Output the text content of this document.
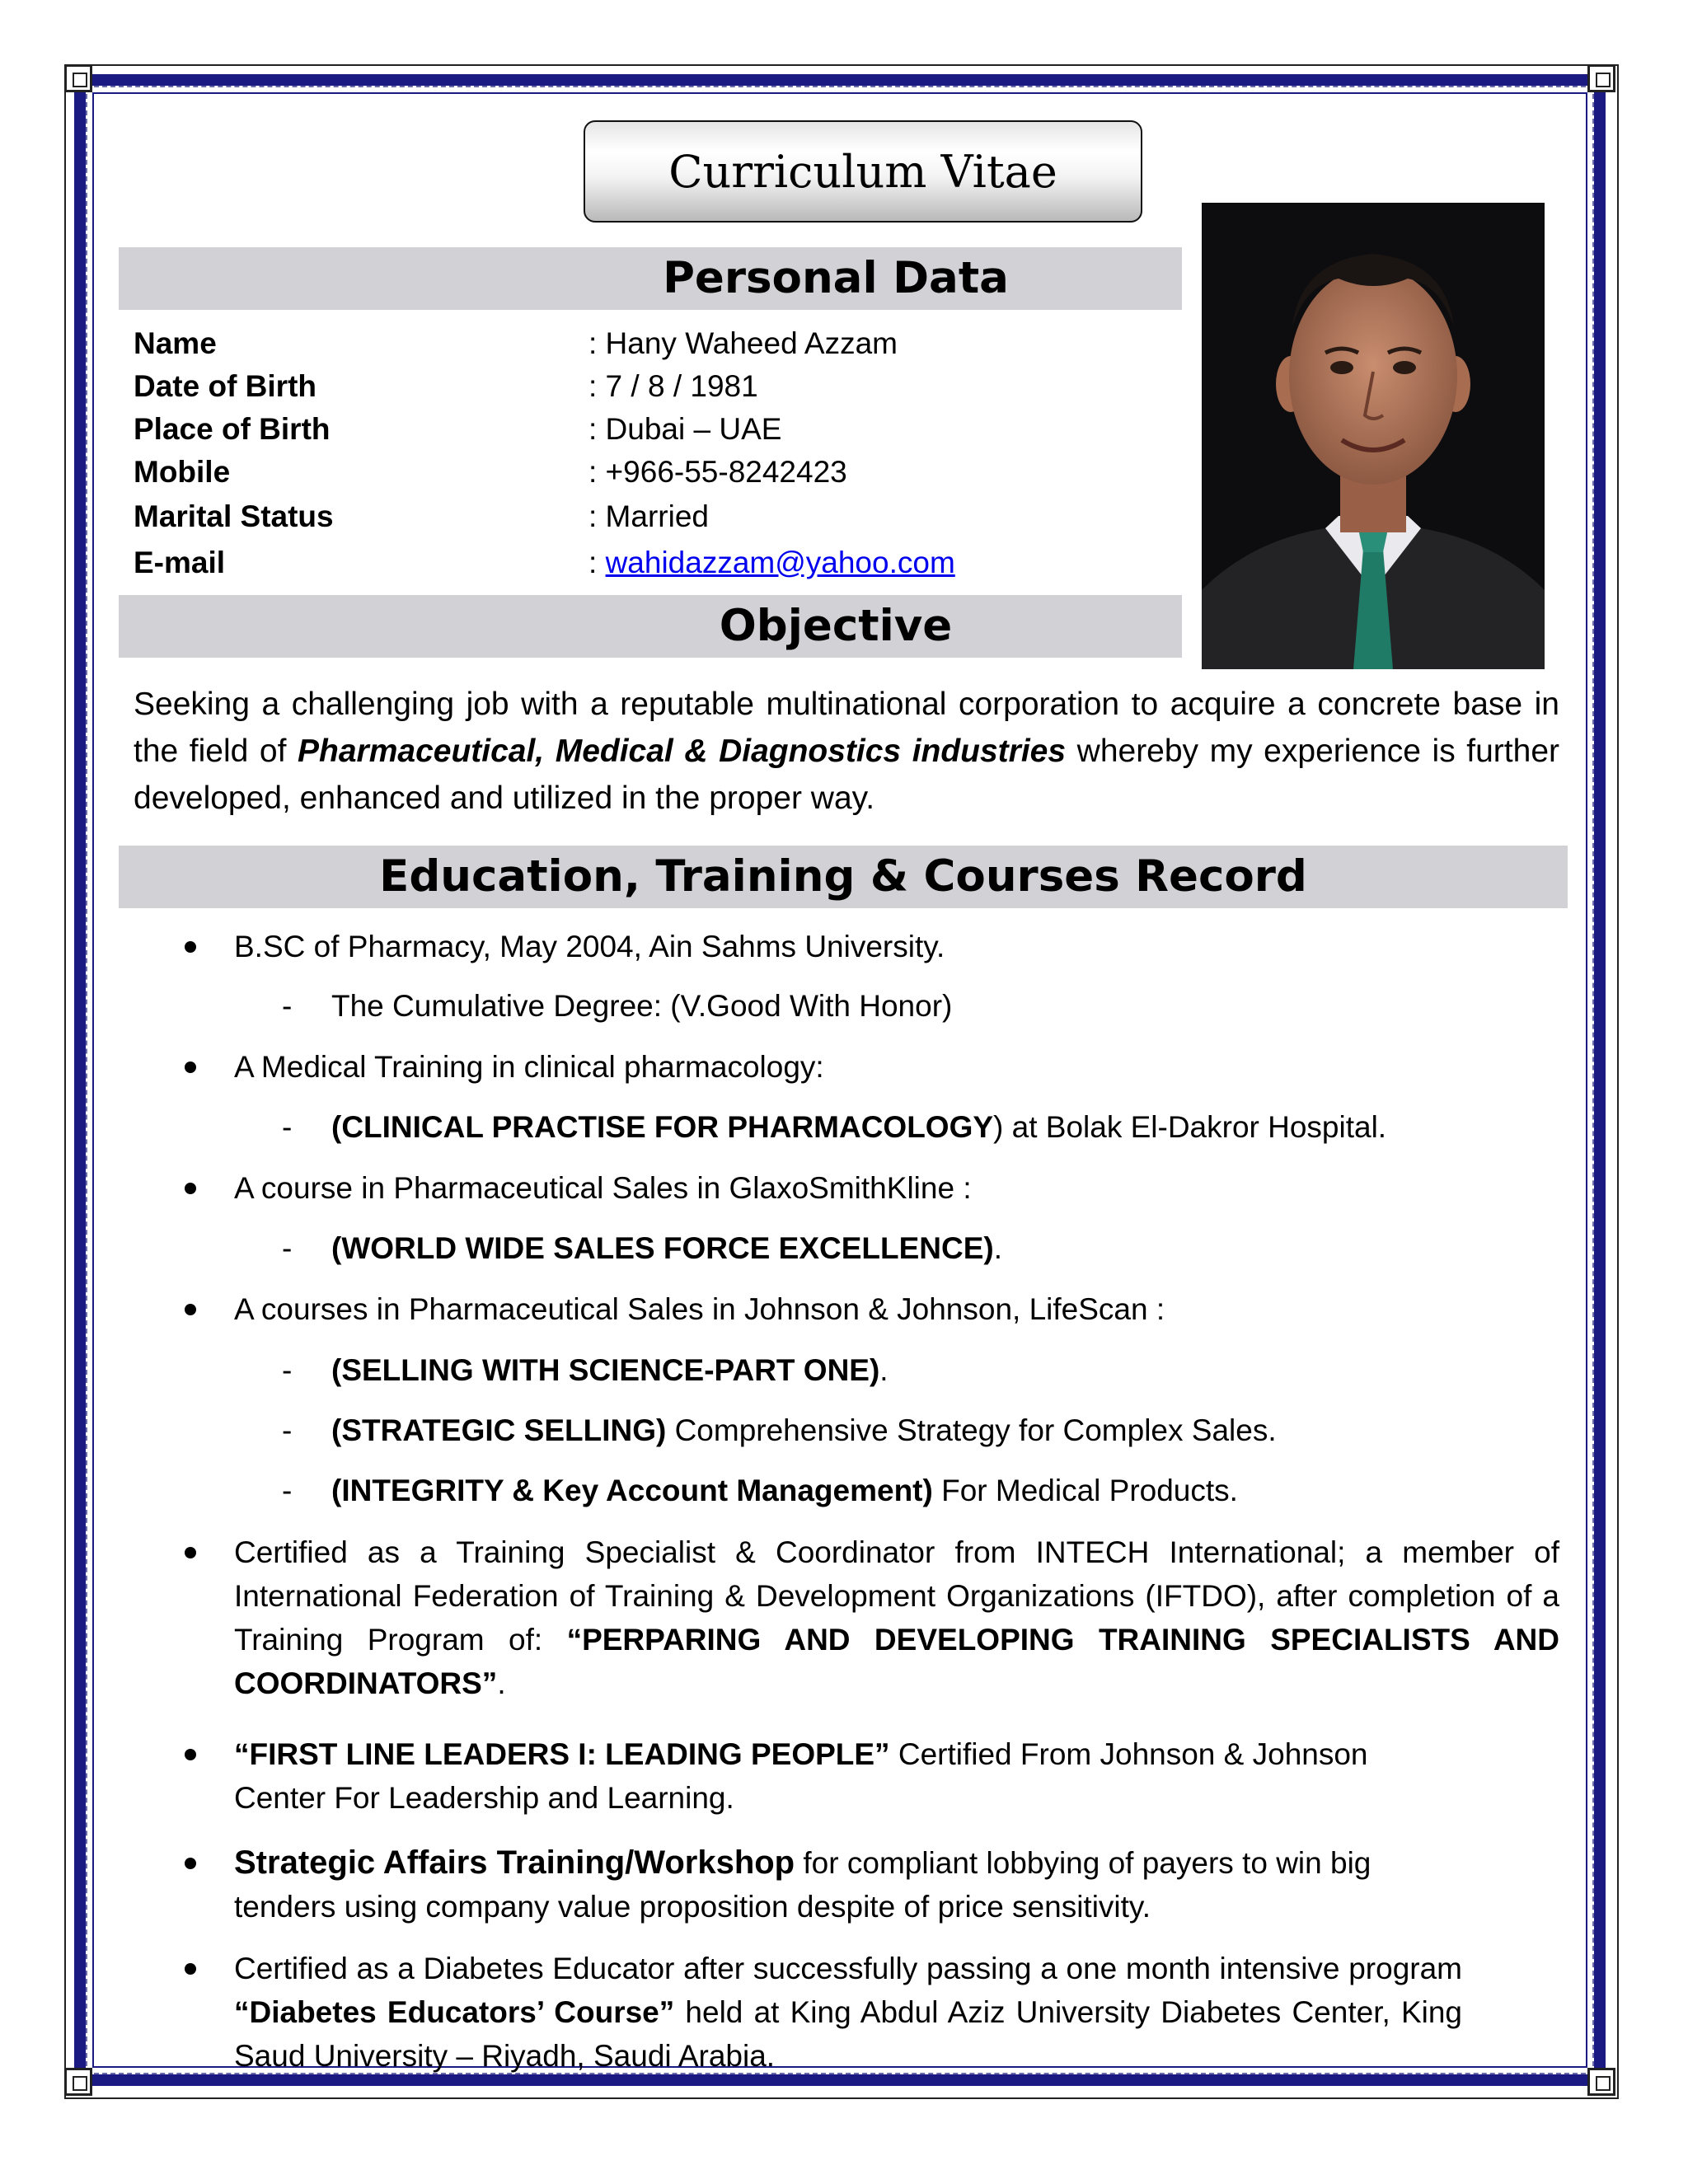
Curriculum Vitae
Personal Data
Name	: Hany Waheed Azzam
Date of Birth	: 7 / 8 / 1981
Place of Birth	: Dubai – UAE
Mobile	: +966-55-8242423
Marital Status	: Married
E-mail	: wahidazzam@yahoo.com
Objective
Seeking a challenging job with a reputable multinational corporation to acquire a concrete base in the field of Pharmaceutical, Medical & Diagnostics industries whereby my experience is further developed, enhanced and utilized in the proper way.
Education, Training & Courses Record
B.SC of Pharmacy, May 2004, Ain Sahms University.
- The Cumulative Degree: (V.Good With Honor)
A Medical Training in clinical pharmacology:
- (CLINICAL PRACTISE FOR PHARMACOLOGY) at Bolak El-Dakror Hospital.
A course in Pharmaceutical Sales in GlaxoSmithKline :
- (WORLD WIDE SALES FORCE EXCELLENCE).
A courses in Pharmaceutical Sales in Johnson & Johnson, LifeScan :
- (SELLING WITH SCIENCE-PART ONE).
- (STRATEGIC SELLING) Comprehensive Strategy for Complex Sales.
- (INTEGRITY & Key Account Management) For Medical Products.
Certified as a Training Specialist & Coordinator from INTECH International; a member of International Federation of Training & Development Organizations (IFTDO), after completion of a Training Program of: “PERPARING AND DEVELOPING TRAINING SPECIALISTS AND COORDINATORS”.
“FIRST LINE LEADERS I: LEADING PEOPLE” Certified From Johnson & Johnson
Center For Leadership and Learning.
Strategic Affairs Training/Workshop for compliant lobbying of payers to win big tenders using company value proposition despite of price sensitivity.
Certified as a Diabetes Educator after successfully passing a one month intensive program “Diabetes Educators’ Course” held at King Abdul Aziz University Diabetes Center, King Saud University – Riyadh, Saudi Arabia.
